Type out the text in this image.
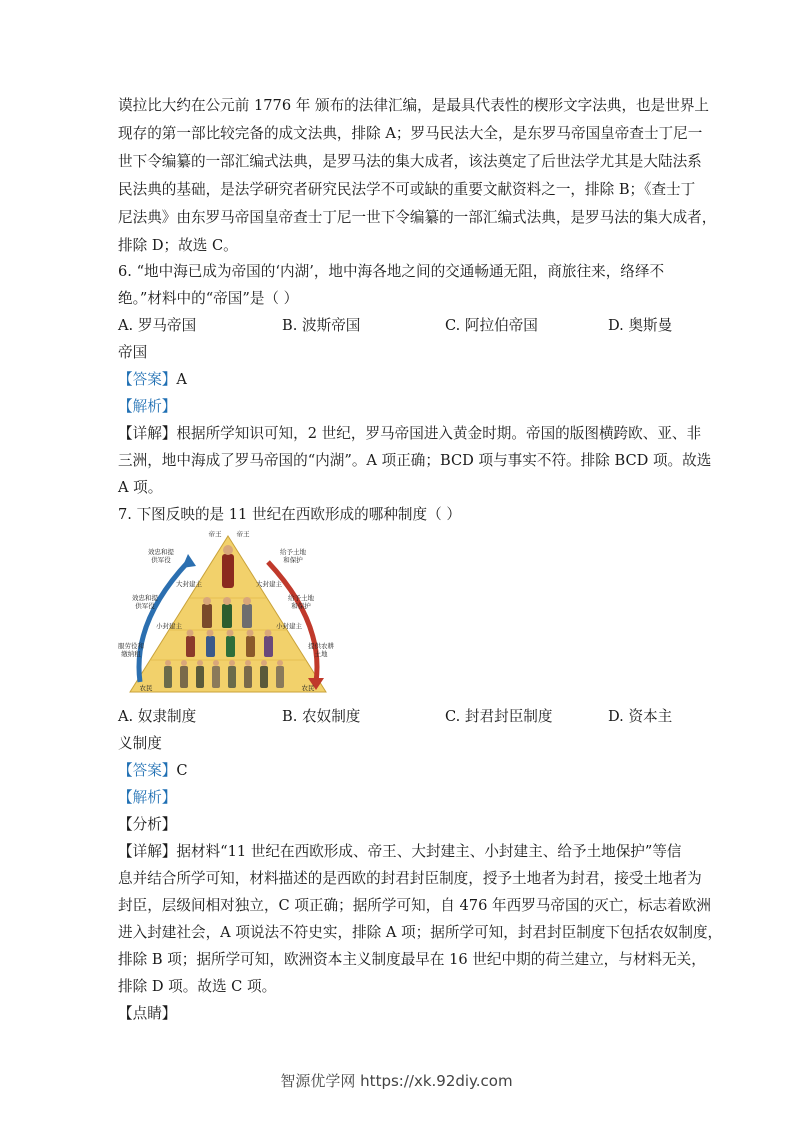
谟拉比大约在公元前 1776 年 颁布的法律汇编，是最具代表性的楔形文字法典，也是世界上
现存的第一部比较完备的成文法典，排除 A；罗马民法大全，是东罗马帝国皇帝查士丁尼一
世下令编纂的一部汇编式法典，是罗马法的集大成者，该法奠定了后世法学尤其是大陆法系
民法典的基础，是法学研究者研究民法学不可或缺的重要文献资料之一，排除 B；《查士丁
尼法典》由东罗马帝国皇帝查士丁尼一世下令编纂的一部汇编式法典，是罗马法的集大成者，
排除 D；故选 C。
6. “地中海已成为帝国的‘内湖’，地中海各地之间的交通畅通无阻，商旅往来，络绎不
绝。”材料中的“帝国”是（ ）
A. 罗马帝国	B. 波斯帝国	C. 阿拉伯帝国	D. 奥斯曼
帝国
【答案】A
【解析】
【详解】根据所学知识可知，2 世纪，罗马帝国进入黄金时期。帝国的版图横跨欧、亚、非
三洲，地中海成了罗马帝国的“内湖”。A 项正确；BCD 项与事实不符。排除 BCD 项。故选
A 项。
7. 下图反映的是 11 世纪在西欧形成的哪种制度（ ）
帝王	帝王
效忠和提供军役
给予土地和保护
大封建主	大封建主
效忠和提供军役
给予土地和保护
小封建主	小封建主
服劳役和缴纳租
提供农耕土地
农民	农民
A. 奴隶制度	B. 农奴制度	C. 封君封臣制度	D. 资本主
义制度
【答案】C
【解析】
【分析】
【详解】据材料“11 世纪在西欧形成、帝王、大封建主、小封建主、给予土地保护”等信
息并结合所学可知，材料描述的是西欧的封君封臣制度，授予土地者为封君，接受土地者为
封臣，层级间相对独立，C 项正确；据所学可知，自 476 年西罗马帝国的灭亡，标志着欧洲
进入封建社会，A 项说法不符史实，排除 A 项；据所学可知，封君封臣制度下包括农奴制度，
排除 B 项；据所学可知，欧洲资本主义制度最早在 16 世纪中期的荷兰建立，与材料无关，
排除 D 项。故选 C 项。
【点睛】
智源优学网 https://xk.92diy.com
